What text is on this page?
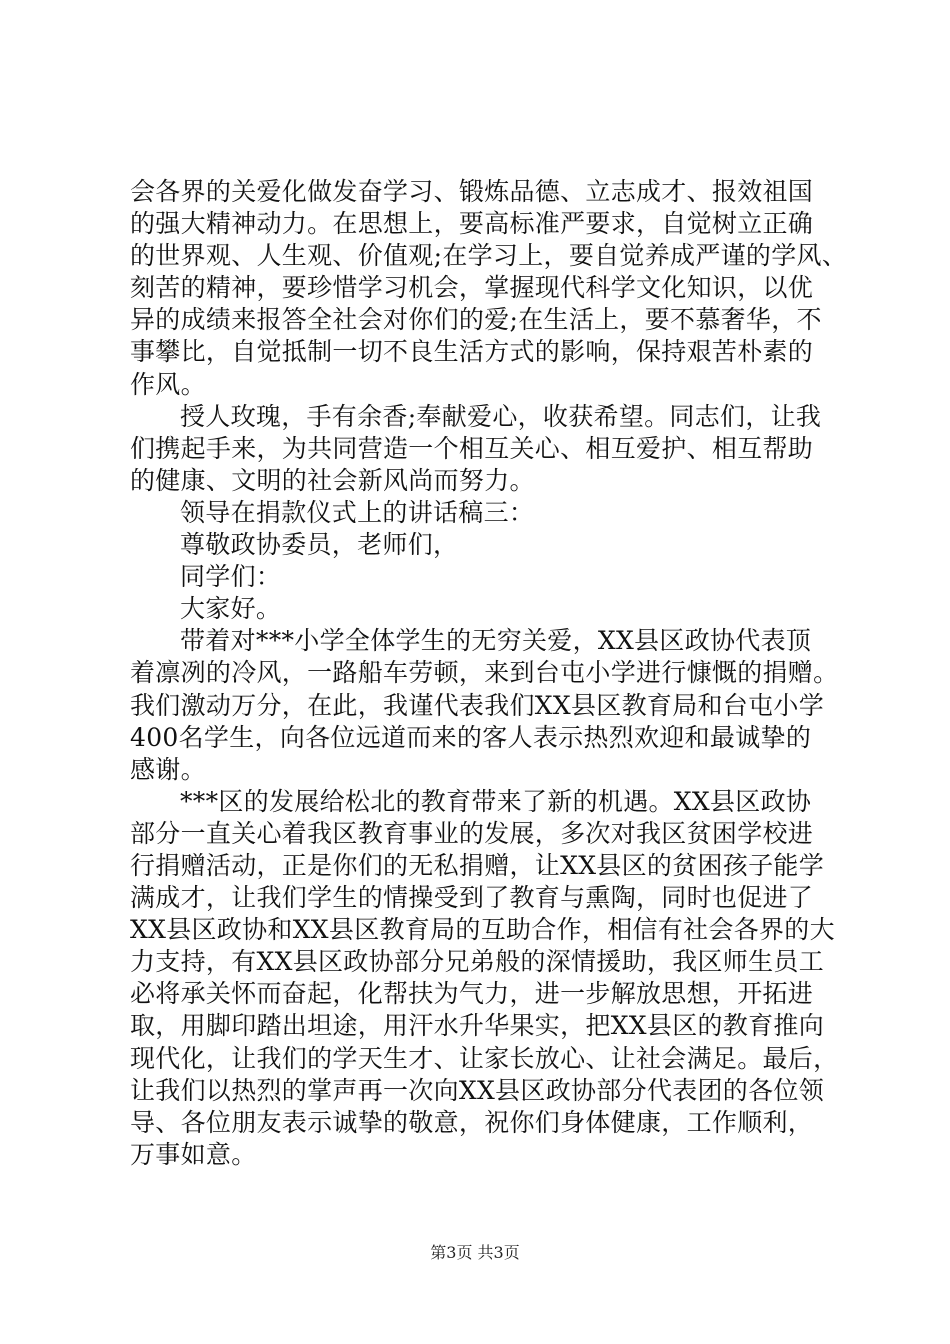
会各界的关爱化做发奋学习、锻炼品德、立志成才、报效祖国
的强大精神动力。在思想上，要高标准严要求，自觉树立正确
的世界观、人生观、价值观;在学习上，要自觉养成严谨的学风、
刻苦的精神，要珍惜学习机会，掌握现代科学文化知识，以优
异的成绩来报答全社会对你们的爱;在生活上，要不慕奢华，不
事攀比，自觉抵制一切不良生活方式的影响，保持艰苦朴素的
作风。
授人玫瑰，手有余香;奉献爱心，收获希望。同志们，让我
们携起手来，为共同营造一个相互关心、相互爱护、相互帮助
的健康、文明的社会新风尚而努力。
领导在捐款仪式上的讲话稿三：
尊敬政协委员，老师们，
同学们：
大家好。
带着对***小学全体学生的无穷关爱，XX县区政协代表顶
着凛冽的冷风，一路船车劳顿，来到台屯小学进行慷慨的捐赠。
我们激动万分，在此，我谨代表我们XX县区教育局和台屯小学
400名学生，向各位远道而来的客人表示热烈欢迎和最诚挚的
感谢。
***区的发展给松北的教育带来了新的机遇。XX县区政协
部分一直关心着我区教育事业的发展，多次对我区贫困学校进
行捐赠活动，正是你们的无私捐赠，让XX县区的贫困孩子能学
满成才，让我们学生的情操受到了教育与熏陶，同时也促进了
XX县区政协和XX县区教育局的互助合作，相信有社会各界的大
力支持，有XX县区政协部分兄弟般的深情援助，我区师生员工
必将承关怀而奋起，化帮扶为气力，进一步解放思想，开拓进
取，用脚印踏出坦途，用汗水升华果实，把XX县区的教育推向
现代化，让我们的学天生才、让家长放心、让社会满足。最后，
让我们以热烈的掌声再一次向XX县区政协部分代表团的各位领
导、各位朋友表示诚挚的敬意，祝你们身体健康，工作顺利，
万事如意。
第3页 共3页
